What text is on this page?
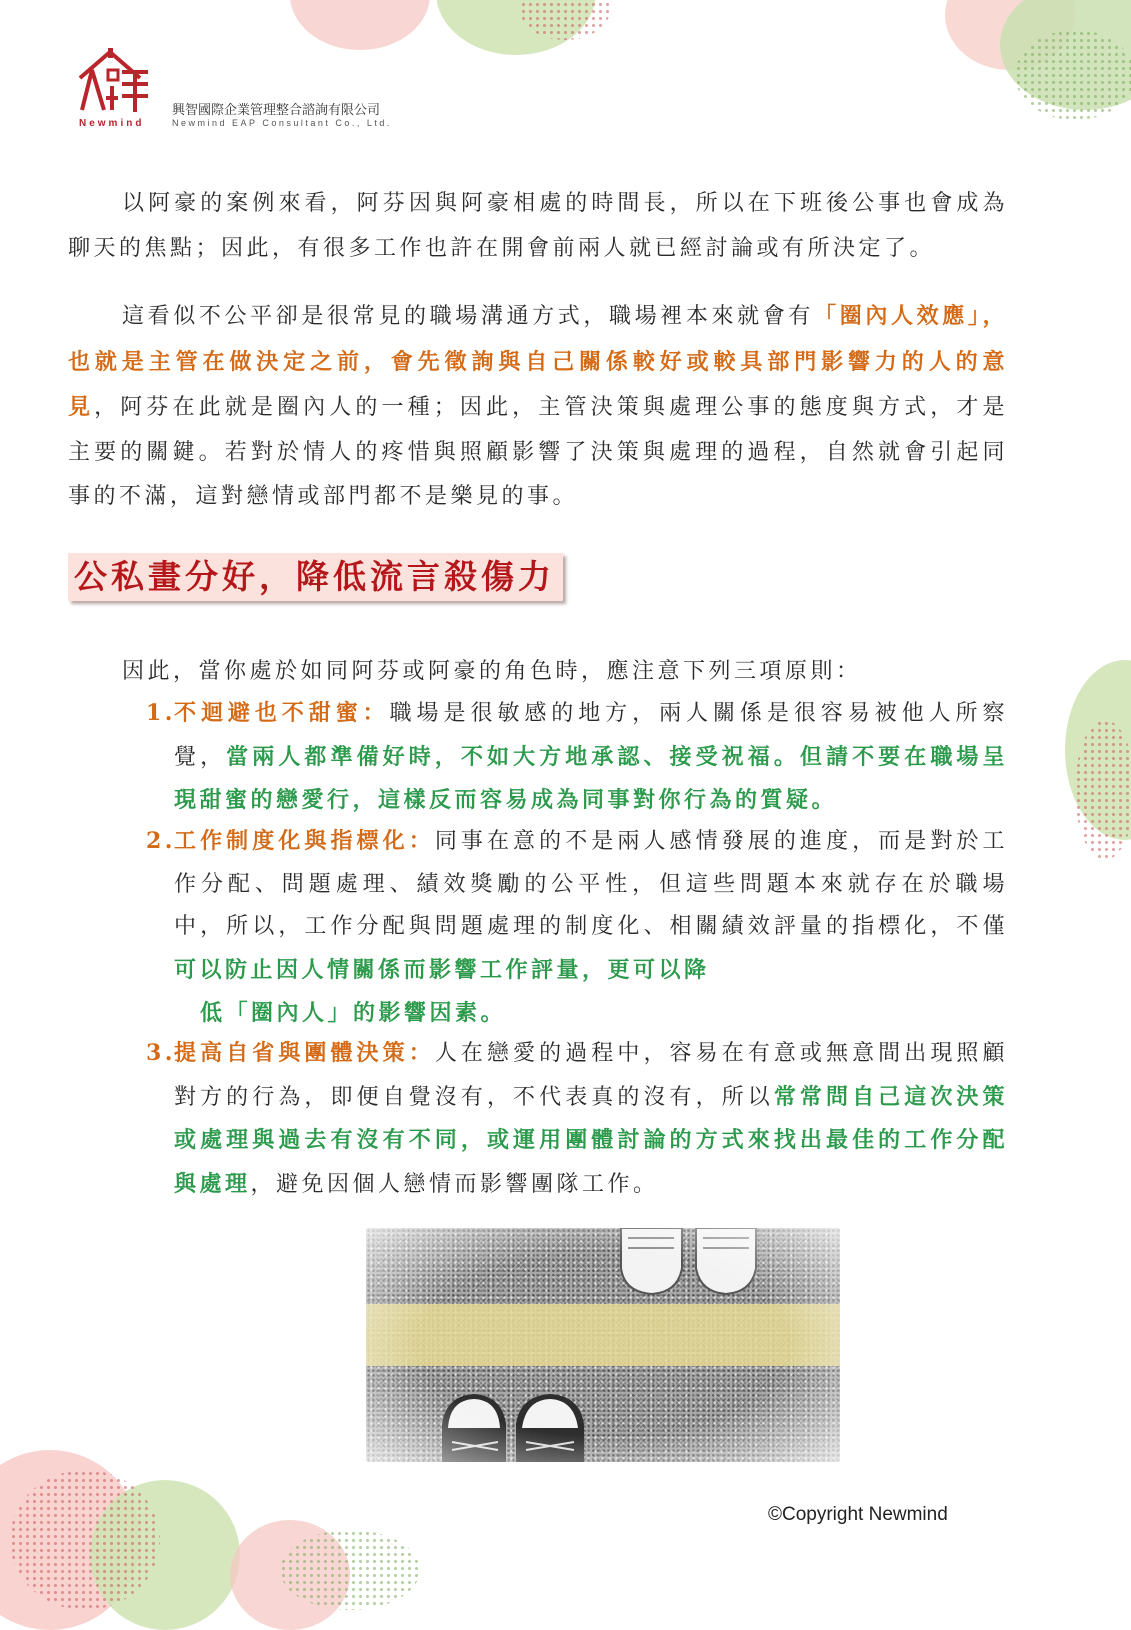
Newmind
興智國際企業管理整合諮詢有限公司
Newmind EAP Consultant Co., Ltd.

以阿豪的案例來看，阿芬因與阿豪相處的時間長，所以在下班後公事也會成為聊天的焦點；因此，有很多工作也許在開會前兩人就已經討論或有所決定了。

這看似不公平卻是很常見的職場溝通方式，職場裡本來就會有「圈內人效應」，也就是主管在做決定之前，會先徵詢與自己關係較好或較具部門影響力的人的意見，阿芬在此就是圈內人的一種；因此，主管決策與處理公事的態度與方式，才是主要的關鍵。若對於情人的疼惜與照顧影響了決策與處理的過程，自然就會引起同事的不滿，這對戀情或部門都不是樂見的事。

公私畫分好，降低流言殺傷力

因此，當你處於如同阿芬或阿豪的角色時，應注意下列三項原則：

1.
不迴避也不甜蜜：職場是很敏感的地方，兩人關係是很容易被他人所察覺，當兩人都準備好時，不如大方地承認、接受祝福。但請不要在職場呈現甜蜜的戀愛行，這樣反而容易成為同事對你行為的質疑。
2.
工作制度化與指標化：同事在意的不是兩人感情發展的進度，而是對於工作分配、問題處理、績效獎勵的公平性，但這些問題本來就存在於職場中，所以，工作分配與問題處理的制度化、相關績效評量的指標化，不僅可以防止因人情關係而影響工作評量，更可以降
低「圈內人」的影響因素。
3.
提高自省與團體決策：人在戀愛的過程中，容易在有意或無意間出現照顧對方的行為，即便自覺沒有，不代表真的沒有，所以常常問自己這次決策或處理與過去有沒有不同，或運用團體討論的方式來找出最佳的工作分配與處理，避免因個人戀情而影響團隊工作。
©Copyright Newmind
